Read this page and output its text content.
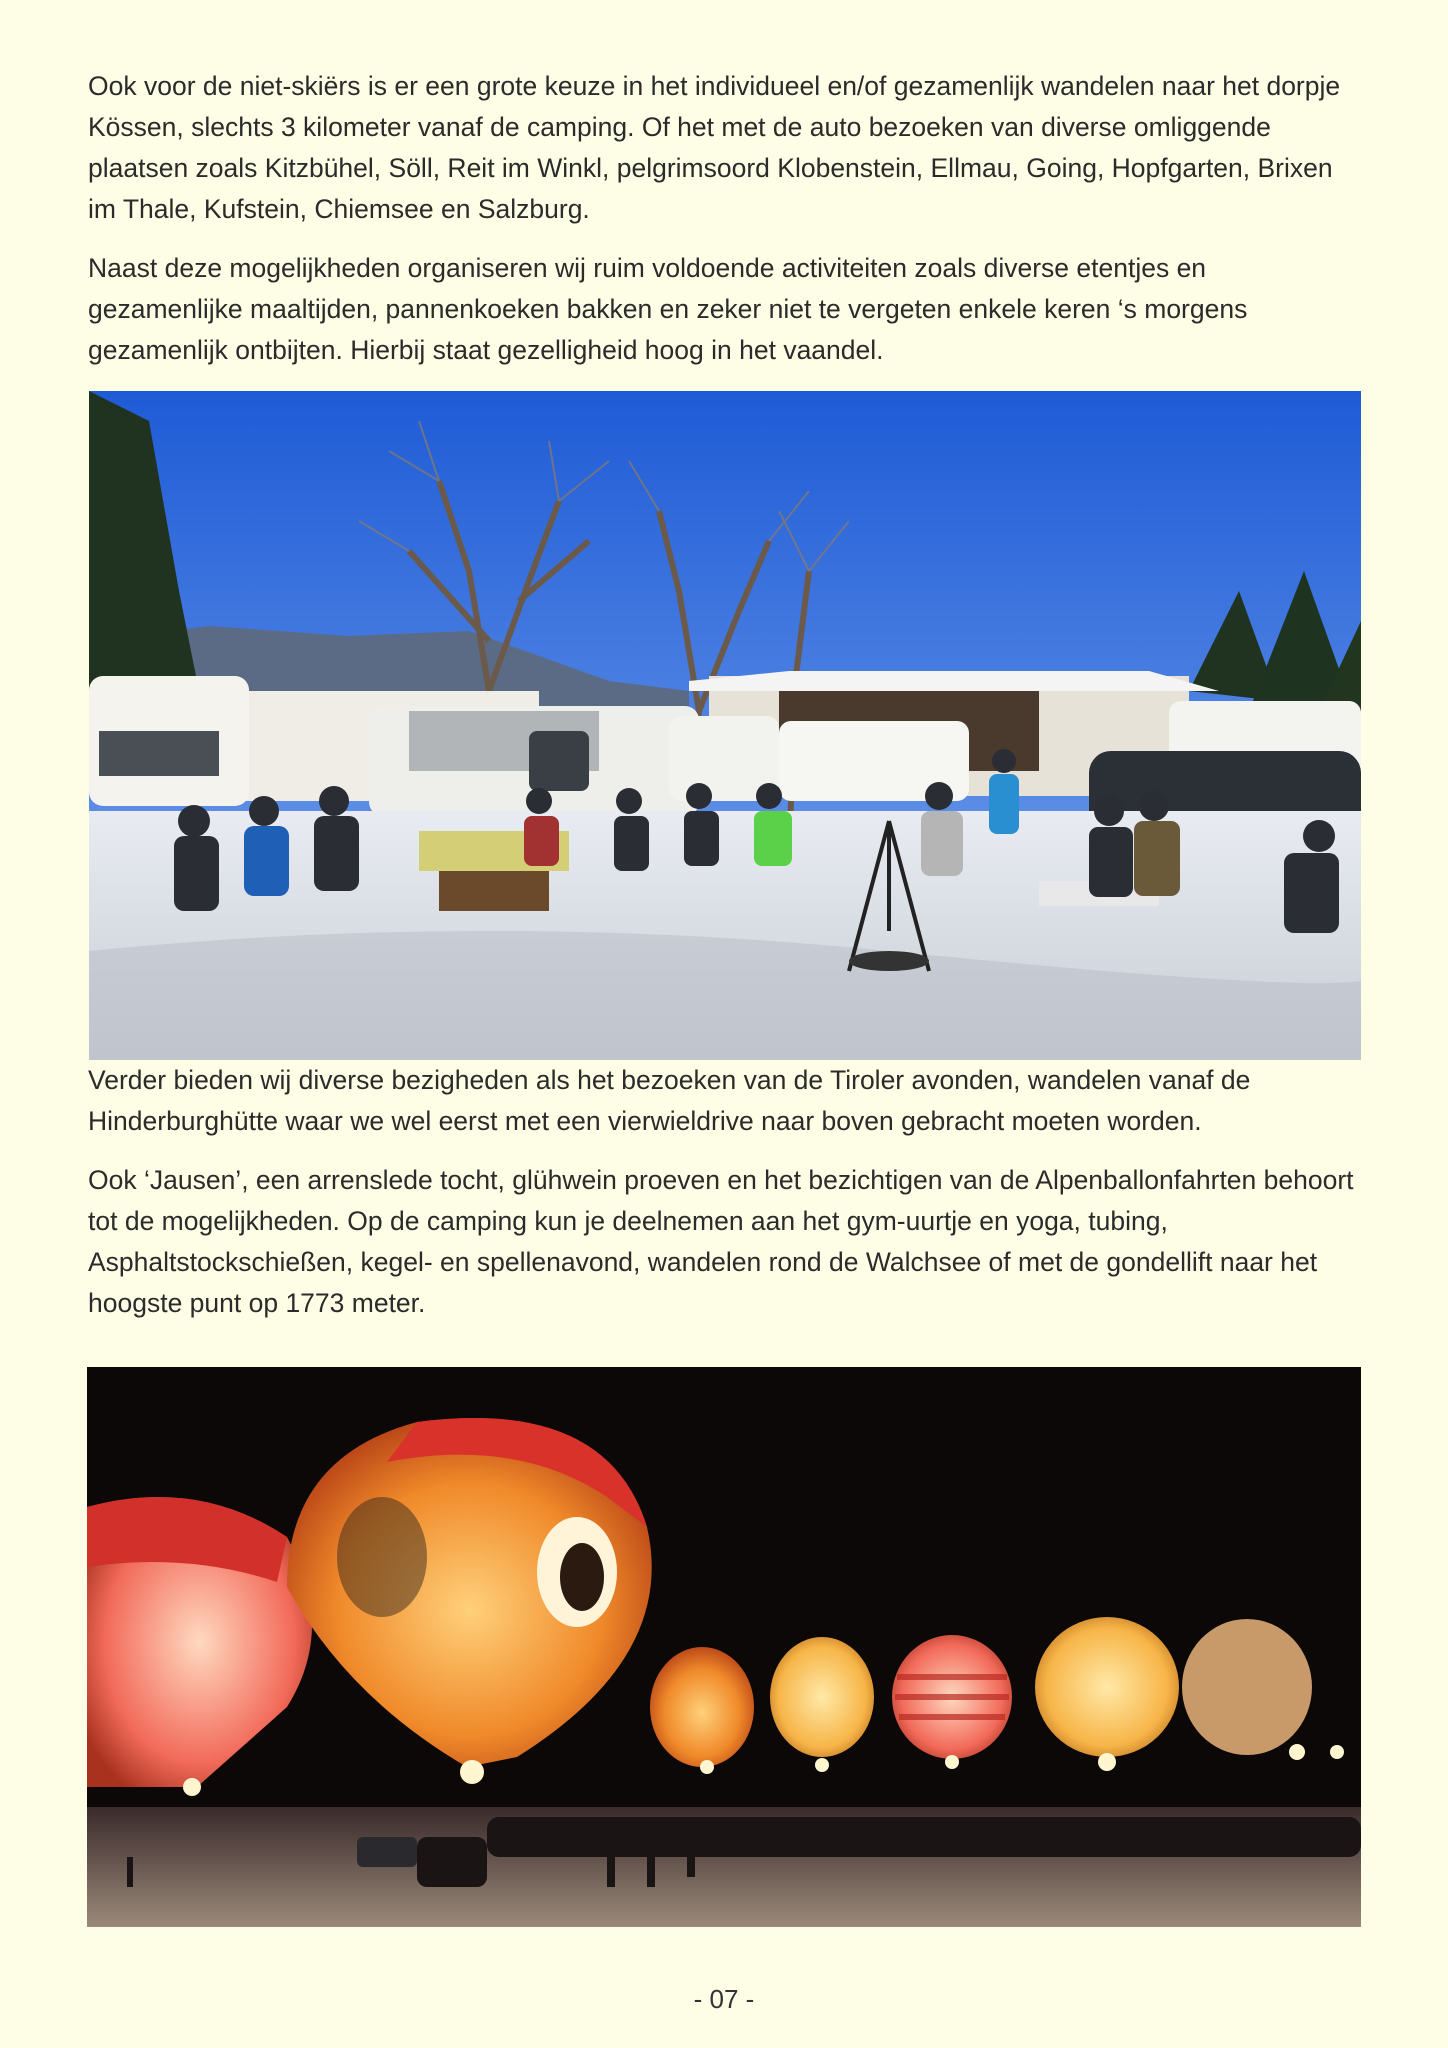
Ook voor de niet-skiërs is er een grote keuze in het individueel en/of gezamenlijk wandelen naar het dorpje Kössen, slechts 3 kilometer vanaf de camping. Of het met de auto bezoeken van diverse omliggende plaatsen zoals Kitzbühel, Söll, Reit im Winkl, pelgrimsoord Klobenstein, Ellmau, Going, Hopfgarten, Brixen im Thale, Kufstein, Chiemsee en Salzburg.

Naast deze mogelijkheden organiseren wij ruim voldoende activiteiten zoals diverse etentjes en gezamenlijke maaltijden, pannenkoeken bakken en zeker niet te vergeten enkele keren ‘s morgens gezamenlijk ontbijten. Hierbij staat gezelligheid hoog in het vaandel.

Verder bieden wij diverse bezigheden als het bezoeken van de Tiroler avonden, wandelen vanaf de Hinderburghütte waar we wel eerst met een vierwieldrive naar boven gebracht moeten worden.

Ook ‘Jausen’, een arrenslede tocht, glühwein proeven en het bezichtigen van de Alpenballonfahrten behoort tot de mogelijkheden. Op de camping kun je deelnemen aan het gym-uurtje en yoga, tubing, Asphaltstockschießen, kegel- en spellenavond, wandelen rond de Walchsee of met de gondellift naar het hoogste punt op 1773 meter.

- 07 -
